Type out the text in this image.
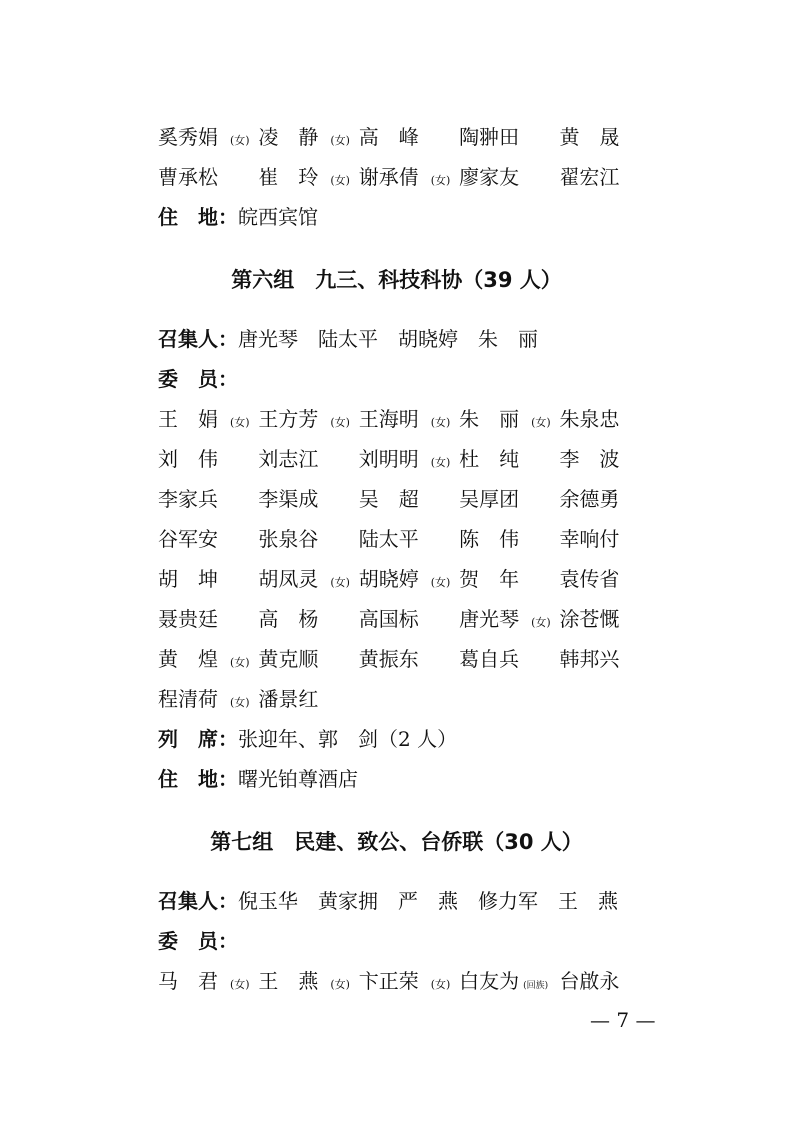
奚秀娟 (女) 凌　静 (女) 高　峰 陶翀田 黄　晟
曹承松 崔　玲 (女) 谢承倩 (女) 廖家友 翟宏江
住　地：皖西宾馆
第六组　九三、科技科协（39 人）
召集人：唐光琴　陆太平　胡晓婷　朱　丽
委　员：
王　娟 (女) 王方芳 (女) 王海明 (女) 朱　丽 (女) 朱泉忠
刘　伟 刘志江 刘明明 (女) 杜　纯 李　波
李家兵 李渠成 吴　超 吴厚团 余德勇
谷军安 张泉谷 陆太平 陈　伟 幸响付
胡　坤 胡凤灵 (女) 胡晓婷 (女) 贺　年 袁传省
聂贵廷 高　杨 高国标 唐光琴 (女) 涂苍慨
黄　煌 (女) 黄克顺 黄振东 葛自兵 韩邦兴
程清荷 (女) 潘景红
列　席：张迎年、郭　剑（2 人）
住　地：曙光铂尊酒店
第七组　民建、致公、台侨联（30 人）
召集人：倪玉华　黄家拥　严　燕　修力军　王　燕
委　员：
马　君 (女) 王　燕 (女) 卞正荣 (女) 白友为 (回族) 台啟永
— 7 —
